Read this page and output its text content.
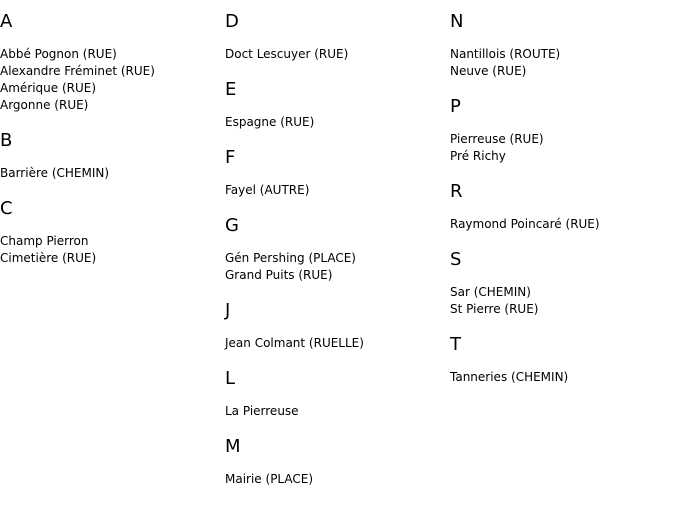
A
Abbé Pognon (RUE)
Alexandre Fréminet (RUE)
Amérique (RUE)
Argonne (RUE)
B
Barrière (CHEMIN)
C
Champ Pierron
Cimetière (RUE)
D
Doct Lescuyer (RUE)
E
Espagne (RUE)
F
Fayel (AUTRE)
G
Gén Pershing (PLACE)
Grand Puits (RUE)
J
Jean Colmant (RUELLE)
L
La Pierreuse
M
Mairie (PLACE)
N
Nantillois (ROUTE)
Neuve (RUE)
P
Pierreuse (RUE)
Pré Richy
R
Raymond Poincaré (RUE)
S
Sar (CHEMIN)
St Pierre (RUE)
T
Tanneries (CHEMIN)
